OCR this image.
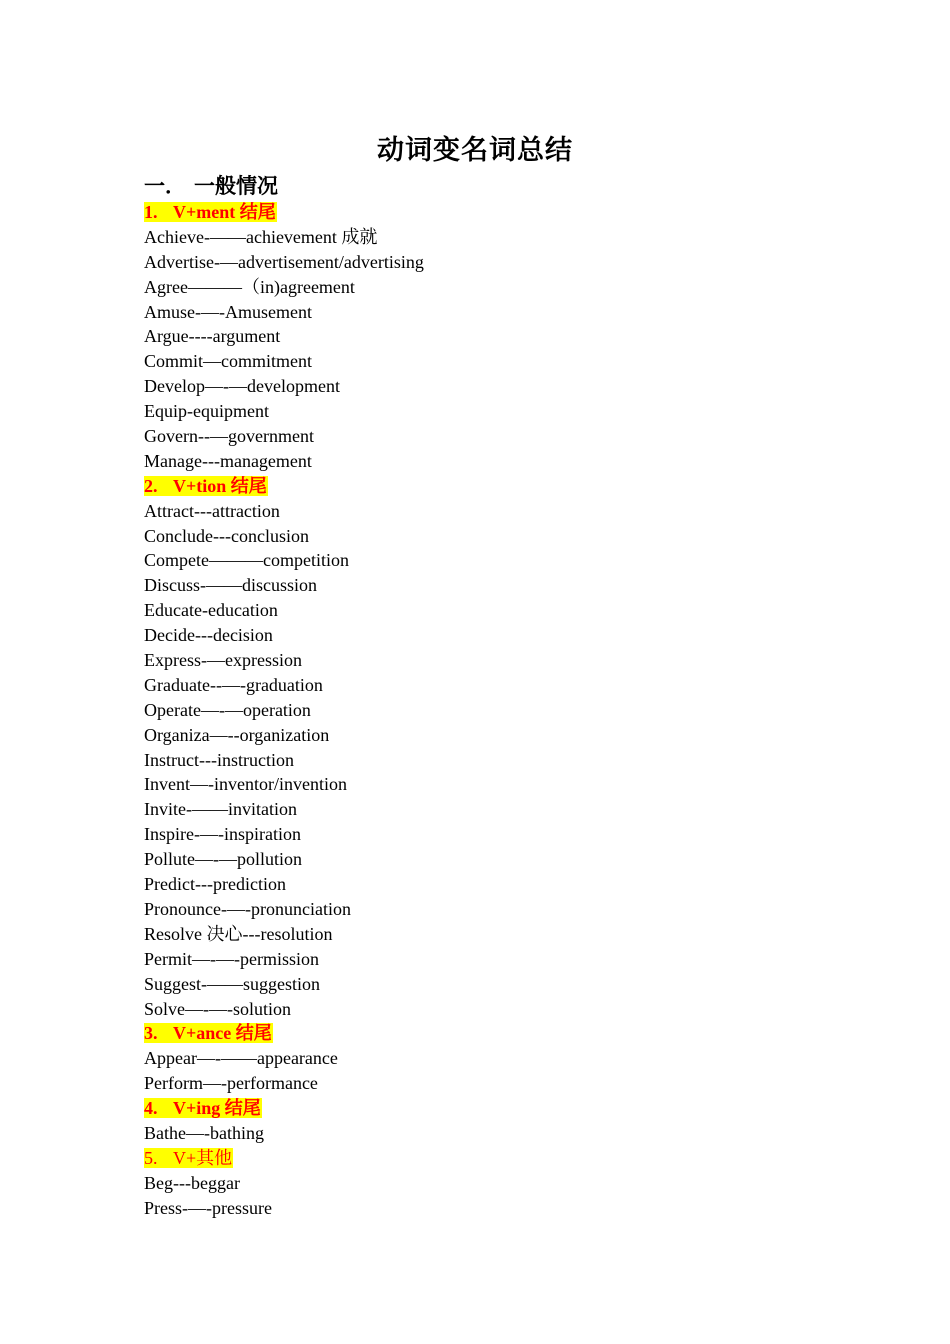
动词变名词总结
一． 一般情况
1. V+ment 结尾
Achieve-——achievement 成就
Advertise-—advertisement/advertising
Agree———（in)agreement
Amuse-—-Amusement
Argue----argument
Commit—commitment
Develop—-—development
Equip-equipment
Govern--—government
Manage---management
2. V+tion 结尾
Attract---attraction
Conclude---conclusion
Compete———competition
Discuss-——discussion
Educate-education
Decide---decision
Express-—expression
Graduate--—-graduation
Operate—-—operation
Organiza—--organization
Instruct---instruction
Invent—-inventor/invention
Invite-——invitation
Inspire-—-inspiration
Pollute—-—pollution
Predict---prediction
Pronounce-—-pronunciation
Resolve 决心---resolution
Permit—-—-permission
Suggest-——suggestion
Solve—-—-solution
3. V+ance 结尾
Appear—-——appearance
Perform—-performance
4. V+ing 结尾
Bathe—-bathing
5. V+其他
Beg---beggar
Press-—-pressure
